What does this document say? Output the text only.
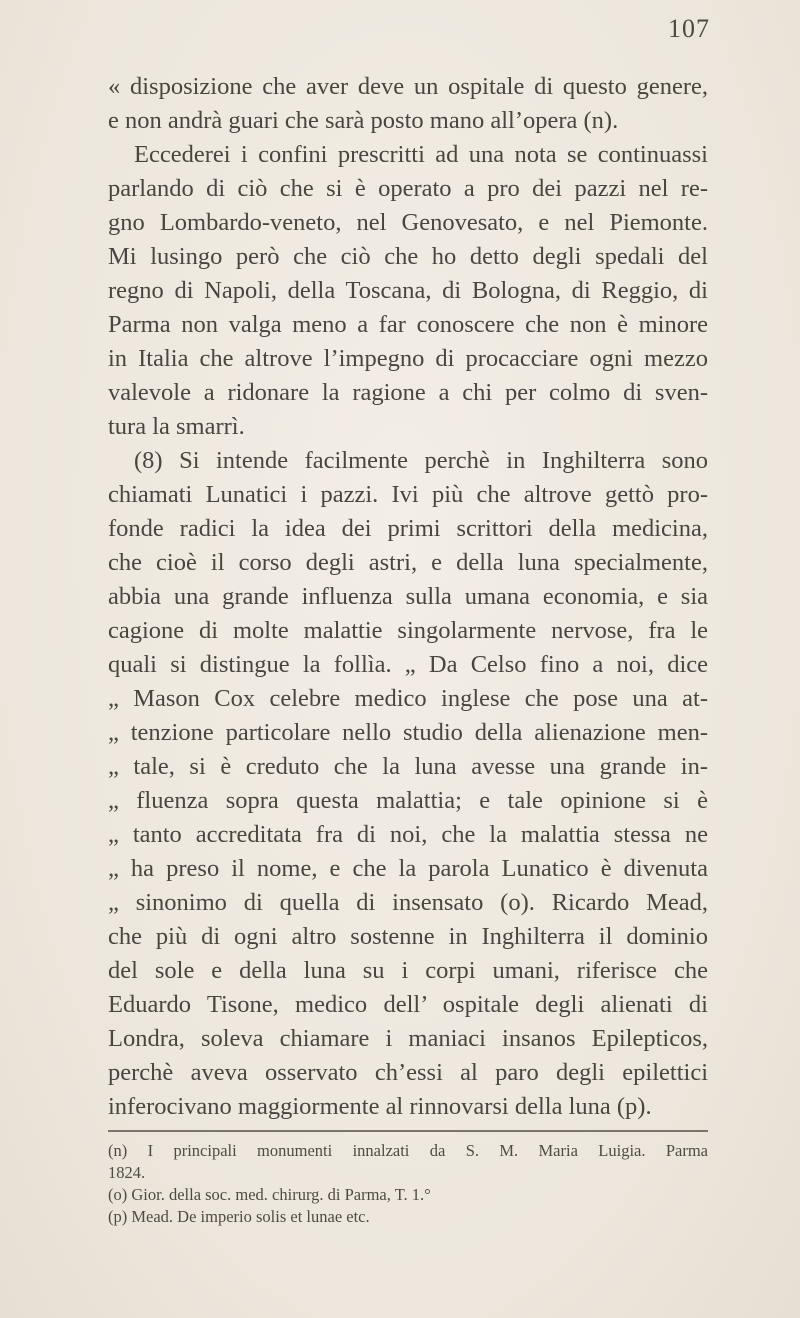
107
« disposizione che aver deve un ospitale di questo genere,
e non andrà guari che sarà posto mano all’opera (n).
Eccederei i confini prescritti ad una nota se continuassi
parlando di ciò che si è operato a pro dei pazzi nel re-
gno Lombardo-veneto, nel Genovesato, e nel Piemonte.
Mi lusingo però che ciò che ho detto degli spedali del
regno di Napoli, della Toscana, di Bologna, di Reggio, di
Parma non valga meno a far conoscere che non è minore
in Italia che altrove l’impegno di procacciare ogni mezzo
valevole a ridonare la ragione a chi per colmo di sven-
tura la smarrì.
(8) Si intende facilmente perchè in Inghilterra sono
chiamati Lunatici i pazzi. Ivi più che altrove gettò pro-
fonde radici la idea dei primi scrittori della medicina,
che cioè il corso degli astri, e della luna specialmente,
abbia una grande influenza sulla umana economia, e sia
cagione di molte malattie singolarmente nervose, fra le
quali si distingue la follìa. „ Da Celso fino a noi, dice
„ Mason Cox celebre medico inglese che pose una at-
„ tenzione particolare nello studio della alienazione men-
„ tale, si è creduto che la luna avesse una grande in-
„ fluenza sopra questa malattia; e tale opinione si è
„ tanto accreditata fra di noi, che la malattia stessa ne
„ ha preso il nome, e che la parola Lunatico è divenuta
„ sinonimo di quella di insensato (o). Ricardo Mead,
che più di ogni altro sostenne in Inghilterra il dominio
del sole e della luna su i corpi umani, riferisce che
Eduardo Tisone, medico dell’ ospitale degli alienati di
Londra, soleva chiamare i maniaci insanos Epilepticos,
perchè aveva osservato ch’essi al paro degli epilettici
inferocivano maggiormente al rinnovarsi della luna (p).
(n) I principali monumenti innalzati da S. M. Maria Luigia. Parma
1824.
(o) Gior. della soc. med. chirurg. di Parma, T. 1.°
(p) Mead. De imperio solis et lunae etc.
